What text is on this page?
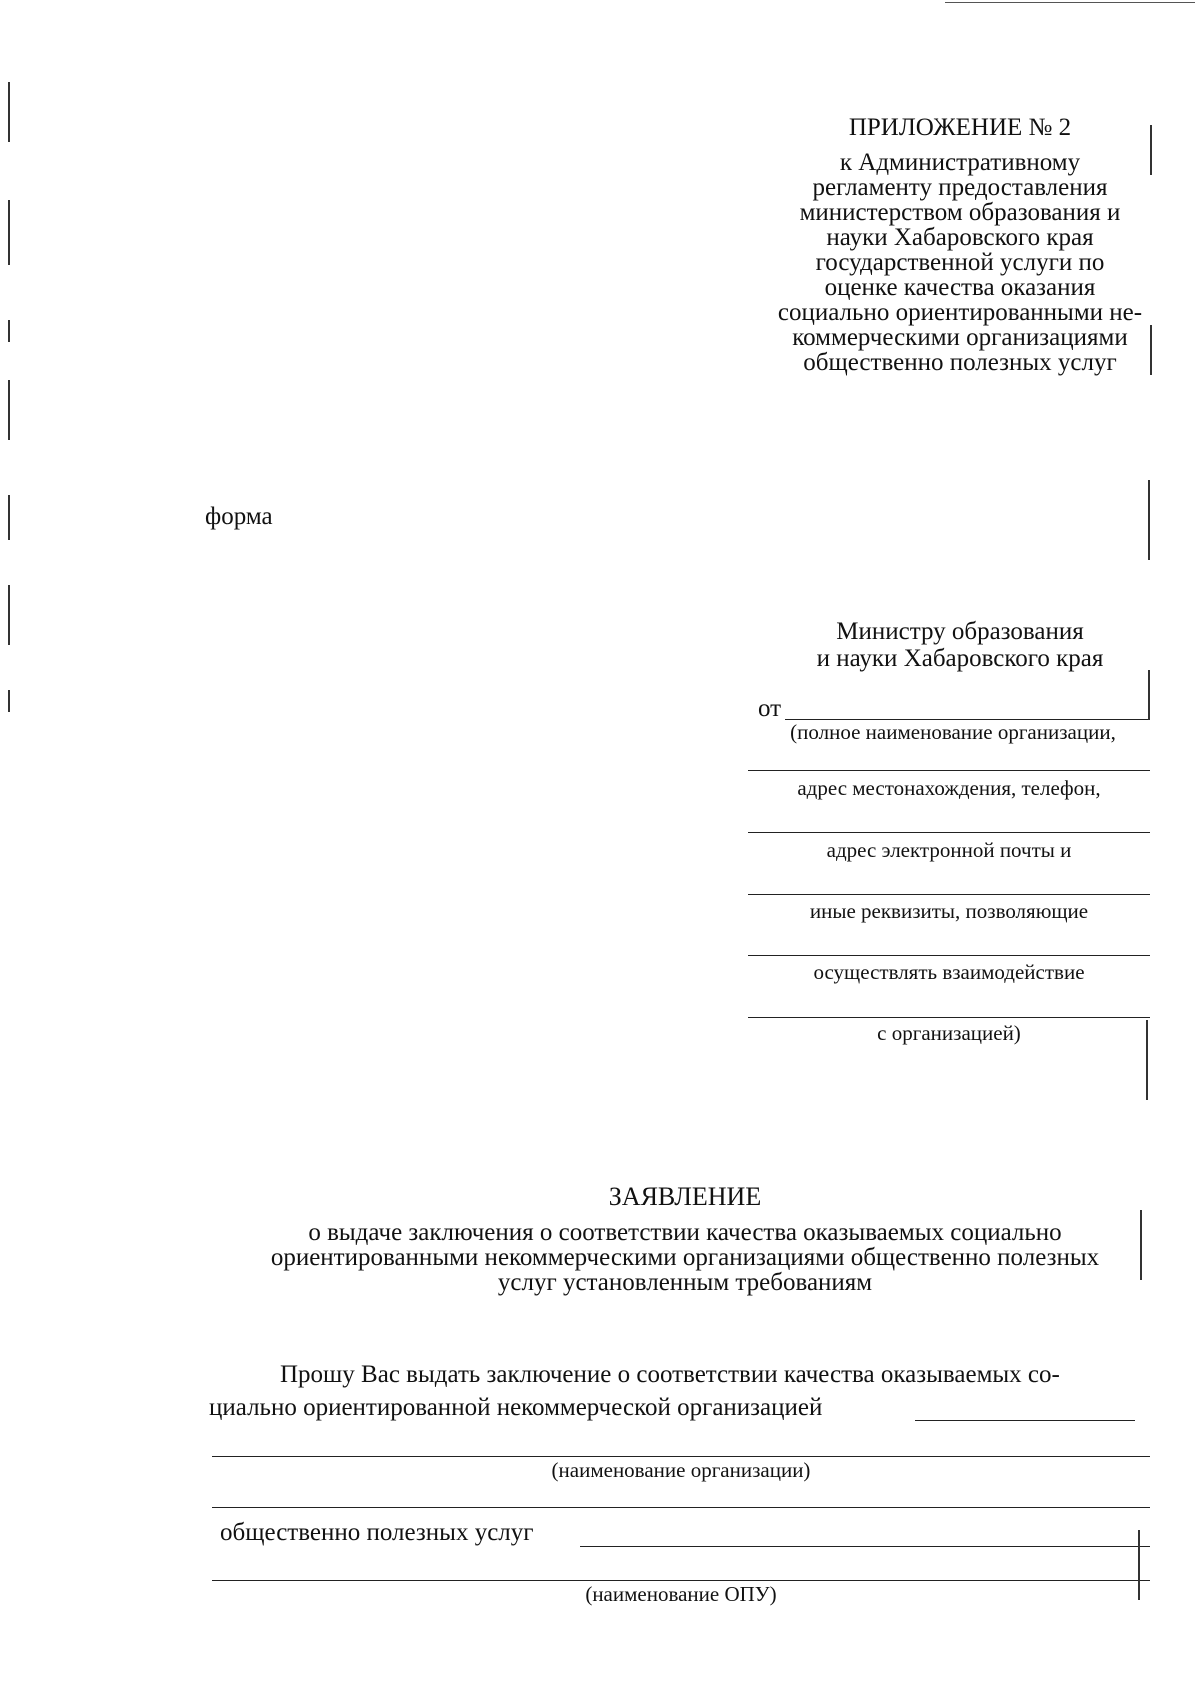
ПРИЛОЖЕНИЕ № 2
к Административному
регламенту предоставления
министерством образования и
науки Хабаровского края
государственной услуги по
оценке качества оказания
социально ориентированными не-
коммерческими организациями
общественно полезных услуг
форма
Министру образования
и науки Хабаровского края
от
(полное наименование организации,
адрес местонахождения, телефон,
адрес электронной почты и
иные реквизиты, позволяющие
осуществлять взаимодействие
с организацией)
ЗАЯВЛЕНИЕ
о выдаче заключения о соответствии качества оказываемых социально
ориентированными некоммерческими организациями общественно полезных
услуг установленным требованиям
Прошу Вас выдать заключение о соответствии качества оказываемых со-
циально ориентированной некоммерческой организацией
(наименование организации)
общественно полезных услуг
(наименование ОПУ)
